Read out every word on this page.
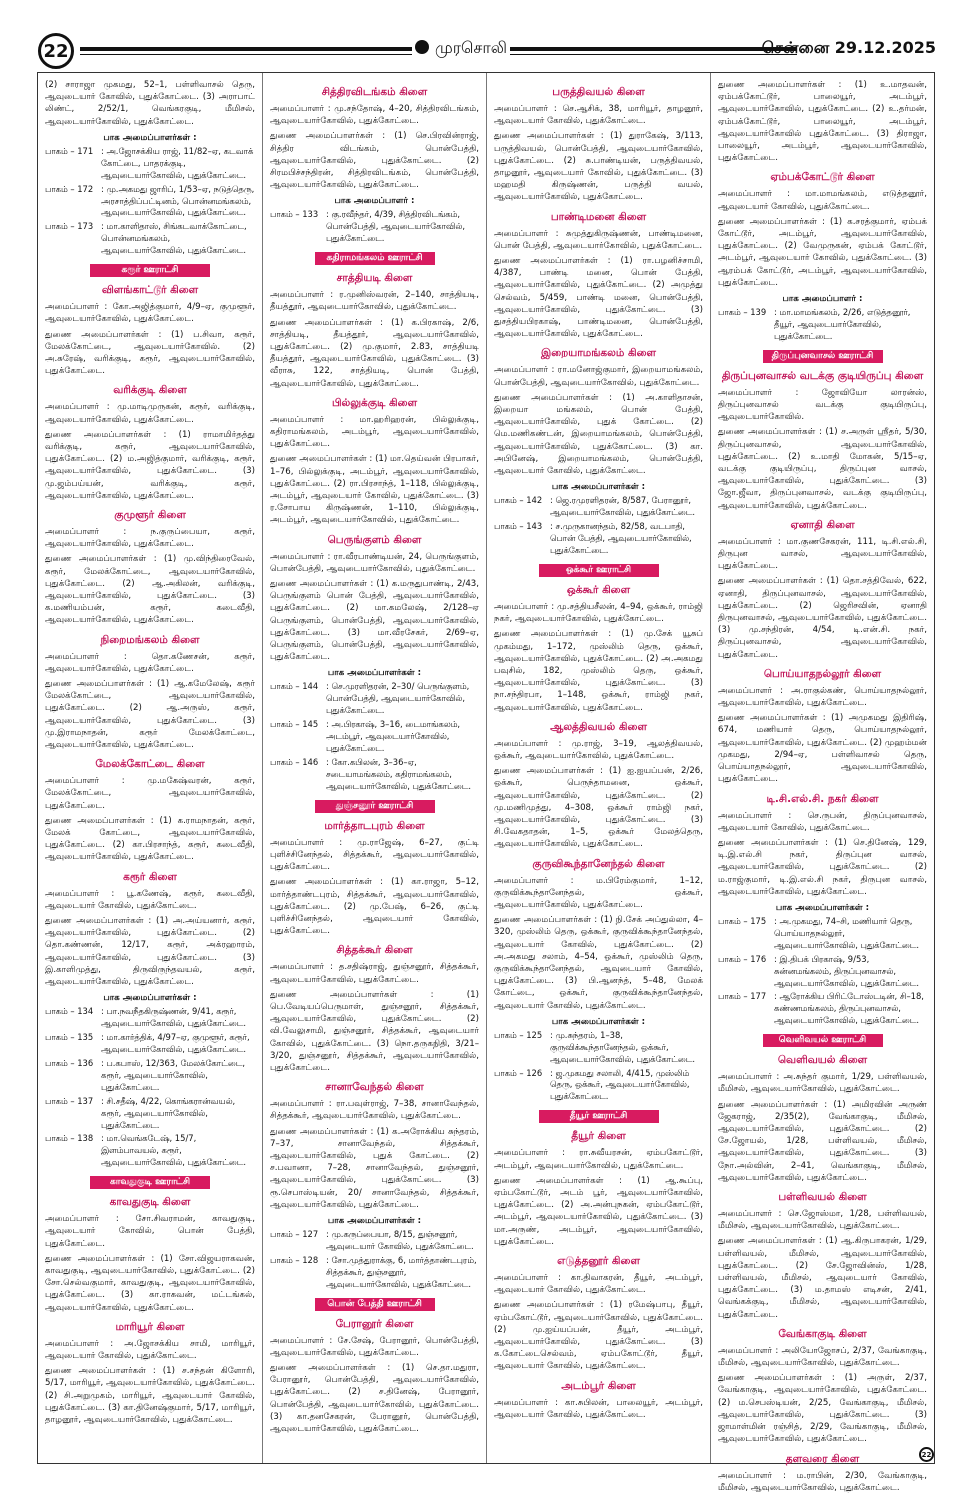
22	முரசொலி	சென்னை 29.12.2025
(2) சாராஜா முகமது, 52–1, பள்ளிவாசல் தெரு, ஆவுடையார் கோவில், புதுக்கோட்டை. (3) அராபாட் லிண்ட், 2/52/1, வெங்கரகுடி, மீமிசல், ஆவுடையார்கோவில், புதுக்கோட்டை.
பாக அமைப்பாளர்கள் :
பாகம் – 171 : அ.ஜோசக்கிய ராஜ், 11/82–ஏ, கடவாக் கோட்டை, பாதரக்குடி, ஆவுடையார்கோவில், புதுக்கோட்டை.
பாகம் – 172 : மு.அகமது ஜாரிப், 1/53–ஏ, நடுத்தெரு, அரசாத்திப்பட்டினம், பொன்னமங்கலம், ஆவுடையார்கோவில், புதுக்கோட்டை.
பாகம் – 173 : மா.காளிதாஸ், சிங்கடவாக்கோட்டை, பொன்னமங்கலம், ஆவுடையார்கோவில், புதுக்கோட்டை.
கரூர் ஊராட்சி
விளங்காட்டூர் கிளை
அமைப்பாளர் : கோ.அஜித்குமார், 4/9–ஏ, குமுளூர், ஆவுடையார்கோவில், புதுக்கோட்டை.
துணை அமைப்பாளர்கள் : (1) ப.சிவா, கரூர், மேலக்கோட்டை, ஆவுடையார்கோவில். (2) அ.சுரேஷ், வரிக்குடி, கரூர், ஆவுடையார்கோவில், புதுக்கோட்டை.
வரிக்குடி கிளை
அமைப்பாளர் : மு.மாடிமுருகன், கரூர், வரிக்குடி, ஆவுடையார்கோவில், புதுக்கோட்டை.
துணை அமைப்பாளர்கள் : (1) ராமாமிர்தத்து வரிக்குடி, கரூர், ஆவுடையார்கோவில், புதுக்கோட்டை. (2) ம.அஜித்குமார், வரிக்குடி, கரூர், ஆவுடையார்கோவில், புதுக்கோட்டை. (3) மு.ஜம்பய்யன், வரிக்குடி, கரூர், ஆவுடையார்கோவில், புதுக்கோட்டை.
குமுளூர் கிளை
அமைப்பாளர் : ந.குருப்பையா, கரூர், ஆவுடையார்கோவில், புதுக்கோட்டை.
துணை அமைப்பாளர்கள் : (1) மு.விந்திரைவேல், கரூர், மேலக்கோட்டை, ஆவுடையார்கோவில், புதுக்கோட்டை. (2) ஆ.அகிலன், வரிக்குடி, ஆவுடையார்கோவில், புதுக்கோட்டை. (3) க.மணியம்பன், கரூர், கடைவீதி, ஆவுடையார்கோவில், புதுக்கோட்டை.
நிறைமங்கலம் கிளை
அமைப்பாளர் : தொ.கணேசன், கரூர், ஆவுடையார்கோவில், புதுக்கோட்டை.
துணை அமைப்பாளர்கள் : (1) ஆ.கமேலேஷ், கரூர் மேலக்கோட்டை, ஆவுடையார்கோவில், புதுக்கோட்டை. (2) ஆ.அருஸ், கரூர், ஆவுடையார்கோவில், புதுக்கோட்டை. (3) மு.இராமநாதன், கரூர் மேலக்கோட்டை, ஆவுடையார்கோவில், புதுக்கோட்டை.
மேலக்கோட்டை கிளை
அமைப்பாளர் : மு.மகேஷ்வரன், கரூர், மேலக்கோட்டை, ஆவுடையார்கோவில், புதுக்கோட்டை.
துணை அமைப்பாளர்கள் : (1) க.ராமநாதன், கரூர், மேலக் கோட்டை, ஆவுடையார்கோவில், புதுக்கோட்டை. (2) கா.பிரசாந்த், கரூர், கடைவீதி, ஆவுடையார்கோவில், புதுக்கோட்டை.
கரூர் கிளை
அமைப்பாளர் : பூ.கணேஷ், கரூர், கடைவீதி, ஆவுடையார் கோவில், புதுக்கோட்டை.
துணை அமைப்பாளர்கள் : (1) அ.அய்யனார், கரூர், ஆவுடையார்கோவில், புதுக்கோட்டை. (2) தொ.கண்ணன், 12/17, கரூர், அக்ரஹாரம், ஆவுடையார்கோவில், புதுக்கோட்டை. (3) இ.காளிமுத்து, திருவிருந்தவயல், கரூர், ஆவுடையார்கோவில், புதுக்கோட்டை.
பாக அமைப்பாளர்கள் :
பாகம் – 134 : பா.நவநீதகிருஷ்ணன், 9/41, கரூர், ஆவுடையார்கோவில், புதுக்கோட்டை.
பாகம் – 135 : மா.கார்த்திக், 4/97–ஏ, குமுளூர், கரூர், ஆவுடையார்கோவில், புதுக்கோட்டை.
பாகம் – 136 : ப.கபாஸ், 12/363, மேலக்கோட்டை, கரூர், ஆவுடையார்கோவில், புதுக்கோட்டை.
பாகம் – 137 : சி.சதீஷ், 4/22, கொங்கரான்வயல், கரூர், ஆவுடையார்கோவில், புதுக்கோட்டை.
பாகம் – 138 : மா.வெங்கடேஷ், 15/7, இளம்பாவயல், கரூர், ஆவுடையார்கோவில், புதுக்கோட்டை.
காவதுகுடி ஊராட்சி
காவதுகுடி கிளை
அமைப்பாளர் : சோ.சிவராமன், காவதுகுடி, ஆவுடையார் கோவில், பொன் பேத்தி, புதுக்கோட்டை.
துணை அமைப்பாளர்கள் : (1) சோ.விஜயராகவன், காவதுகுடி, ஆவுடையார்கோவில், புதுக்கோட்டை. (2) சோ.செல்வகுமார், காவதுகுடி, ஆவுடையார்கோவில், புதுக்கோட்டை. (3) கா.ராகவன், மட்டங்கல், ஆவுடையார்கோவில், புதுக்கோட்டை.
மாரியூர் கிளை
அமைப்பாளர் : அ.ஜோசக்கிய சாமி, மாரியூர், ஆவுடையார் கோவில், புதுக்கோட்டை.
துணை அமைப்பாளர்கள் : (1) ச.சந்தன் கிளோரி, 5/17, மாரியூர், ஆவுடையார்கோவில், புதுக்கோட்டை. (2) சி.அறுமுகம், மாரியூர், ஆவுடையார் கோவில், புதுக்கோட்டை. (3) கா.தினேஷ்குமார், 5/17, மாரியூர், தாழனூர், ஆவுடையார்கோவில், புதுக்கோட்டை.
சித்திரவிடங்கம் கிளை
அமைப்பாளர் : மு.சந்தோஷ், 4–20, சித்திரவிடங்கம், ஆவுடையார்கோவில், புதுக்கோட்டை.
துணை அமைப்பாளர்கள் : (1) செ.பிரவின்ராஜ், சித்திர விடங்கம், பொன்பேத்தி, ஆவுடையார்கோவில், புதுக்கோட்டை. (2) சிரமபிச்சந்திரன், சித்திரவிடங்கம், பொன்பேத்தி, ஆவுடையார்கோவில், புதுக்கோட்டை.
பாக அமைப்பாளர் :
பாகம் – 133 : கு.ரவீந்தர், 4/39, சித்திரவிடங்கம், பொன்பேத்தி, ஆவுடையார்கோவில், புதுக்கோட்டை.
கதிராமங்கலம் ஊராட்சி
சாத்தியடி கிளை
அமைப்பாளர் : ர.முனிஸ்வரன், 2–140, சாத்தியடி, தீயத்தூர், ஆவுடையார்கோவில், புதுக்கோட்டை.
துணை அமைப்பாளர்கள் : (1) க.பிரகாஷ், 2/6, சாத்தியடி, தீயத்தூர், ஆவுடையார்கோவில், புதுக்கோட்டை. (2) மு.குமார், 2.83, சாத்தியடி தீயத்தூர், ஆவுடையார்கோவில், புதுக்கோட்டை. (3) வீராசு, 122, சாத்தியடி, பொன் பேத்தி, ஆவுடையார்கோவில், புதுக்கோட்டை.
பில்லுக்குடி கிளை
அமைப்பாளர் : மா.ஹரிஹரன், பில்லுக்குடி, கதிராமங்கலம், அடம்பூர், ஆவுடையார்கோவில், புதுக்கோட்டை.
துணை அமைப்பாளர்கள் : (1) மா.தெய்வன் பிரபாகர், 1–76, பில்லுக்குடி, அடம்பூர், ஆவுடையார்கோவில், புதுக்கோட்டை. (2) ரா.பிரசாந்த், 1–118, பில்லுக்குடி, அடம்பூர், ஆவுடையார் கோவில், புதுக்கோட்டை. (3) ர.சோபாய கிருஷ்ணன், 1–110, பில்லுக்குடி, அடம்பூர், ஆவுடையார்கோவில், புதுக்கோட்டை.
பெருங்குளம் கிளை
அமைப்பாளர் : ரா.வீரபாண்டியன், 24, பெருங்குளம், பொன்பேத்தி, ஆவுடையார்கோவில், புதுக்கோட்டை.
துணை அமைப்பாளர்கள் : (1) க.மருதுபாண்டி, 2/43, பெருங்குளம் பொன் பேத்தி, ஆவுடையார்கோவில், புதுக்கோட்டை. (2) மா.கமலேஷ், 2/128–ஏ பெருங்குளம், பொன்பேத்தி, ஆவுடையார்கோவில், புதுக்கோட்டை. (3) மா.வீரசேகர், 2/69–ஏ, பெருங்குளம், பொன்பேத்தி, ஆவுடையார்கோவில், புதுக்கோட்டை.
பாக அமைப்பாளர்கள் :
பாகம் – 144 : செ.முரளிதரன், 2–30/ பெருங்குளம், பொன்பேத்தி, ஆவுடையார்கோவில், புதுக்கோட்டை.
பாகம் – 145 : அ.பிரகாஷ், 3–16, டைமாங்கலம், அடம்பூர், ஆவுடையார்கோவில், புதுக்கோட்டை.
பாகம் – 146 : கோ.கபிலன், 3–36–ஏ, சடையாமங்கலம், கதிராமங்கலம், ஆவுடையார்கோவில், புதுக்கோட்டை.
துஞ்சனூர் ஊராட்சி
மார்த்தாடபுரம் கிளை
அமைப்பாளர் : மு.ராஜேஷ், 6–27, குட்டி புளிச்சினேந்தல், சித்தக்கூர், ஆவுடையார்கோவில், புதுக்கோட்டை.
துணை அமைப்பாளர்கள் : (1) கா.ராஜா, 5–12, மார்த்தாண்டபுரம், சித்தக்கூர், ஆவுடையார்கோவில், புதுக்கோட்டை. (2) மு.பேஷ், 6–26, குட்டி புளிச்சினேந்தல், ஆவுடையார் கோவில், புதுக்கோட்டை.
சித்தக்கூர் கிளை
அமைப்பாளர் : த.சதிஷ்ராஜ், துஞ்சனூர், சித்தக்கூர், ஆவுடையார்கோவில், புதுக்கோட்டை.
துணை அமைப்பாளர்கள் : (1) பெ.வேடியப்பெருமாள், துஞ்சனூர், சித்தக்கூர், ஆவுடையார்கோவில், புதுக்கோட்டை. (2) வி.வேலுசாமி, துஞ்சனூர், சித்தக்கூர், ஆவுடையார் கோவில், புதுக்கோட்டை. (3) நொ.தருகநிதி, 3/21–3/20, துஞ்சனூர், சித்தக்கூர், ஆவுடையார்கோவில், புதுக்கோட்டை.
சானாவேந்தல் கிளை
அமைப்பாளர் : ரா.பவுள்ராஜ், 7–38, சானாவேந்தல், சித்தக்கூர், ஆவுடையார்கோவில், புதுக்கோட்டை.
துணை அமைப்பாளர்கள் : (1) க.அரோக்கிய சுந்தரம், 7–37, சானாவேந்தல், சித்தக்கூர், ஆவுடையார்கோவில், புதுக் கோட்டை. (2) ச.பவானா, 7–28, சானாவேந்தல், துஞ்சனூர், ஆவுடையார்கோவில், புதுக்கோட்டை. (3) ரூ.செபாஸ்டியன், 20/ சானாவேந்தல், சித்தக்கூர், ஆவுடையார்கோவில், புதுக்கோட்டை.
பாக அமைப்பாளர்கள் :
பாகம் – 127 : மு.கருப்பையா, 8/15, துஞ்சனூர், ஆவுடையார் கோவில், புதுக்கோட்டை.
பாகம் – 128 : சோ.முத்துராக்கு, 6, மார்த்தாண்டபுரம், சித்தக்கூர், துஞ்சனூர், ஆவுடையார்கோவில், புதுக்கோட்டை.
பொன் பேத்தி ஊராட்சி
பேரானூர் கிளை
அமைப்பாளர் : சே.சேஷ், பேரானூர், பொன்பேத்தி, ஆவுடையார்கோவில், புதுக்கோட்டை.
துணை அமைப்பாளர்கள் : (1) செ.தா.மதுரா, பேரானூர், பொன்பேத்தி, ஆவுடையார்கோவில், புதுக்கோட்டை. (2) ச.தினேஷ், பேரானூர், பொன்பேத்தி, ஆவுடையார்கோவில், புதுக்கோட்டை. (3) கா.தனசேகரன், பேரானூர், பொன்பேத்தி, ஆவுடையார்கோவில், புதுக்கோட்டை.
பருத்திவயல் கிளை
அமைப்பாளர் : செ.ஆசிக், 38, மாரியூர், தாழனூர், ஆவுடையார் கோவில், புதுக்கோட்டை.
துணை அமைப்பாளர்கள் : (1) துராகேஷ், 3/113, பருத்திவயல், பொன்பேத்தி, ஆவுடையார்கோவில், புதுக்கோட்டை. (2) சு.பாண்டியன், பருத்திவயல், தாழனூர், ஆவுடையார் கோவில், புதுக்கோட்டை. (3) மஹமதி கிருஷ்ணன், பருத்தி வயல், ஆவுடையார்கோவில், புதுக்கோட்டை.
பாண்டிமனை கிளை
அமைப்பாளர் : சுமுத்துகிருஷ்ணன், பாண்டிமனை, பொன் பேத்தி, ஆவுடையார்கோவில், புதுக்கோட்டை.
துணை அமைப்பாளர்கள் : (1) ரா.பழனிச்சாமி, 4/387, பாண்டி மனை, பொன் பேத்தி, ஆவுடையார்கோவில், புதுக்கோட்டை. (2) அமுத்து செல்வம், 5/459, பாண்டி மனை, பொன்பேத்தி, ஆவுடையார்கோவில், புதுக்கோட்டை. (3) துசத்தியபிரகாஷ், பாண்டிமனை, பொன்பேத்தி, ஆவுடையார்கோவில், புதுக்கோட்டை.
இறையாமங்கலம் கிளை
அமைப்பாளர் : ரா.மனோஜ்குமார், இறையாமங்கலம், பொன்பேத்தி, ஆவுடையார்கோவில், புதுக்கோட்டை.
துணை அமைப்பாளர்கள் : (1) அ.காளிதாசன், இறையா மங்கலம், பொன் பேத்தி, ஆவுடையார்கோவில், புதுக் கோட்டை. (2) மெ.மணிகண்டன், இறையாமங்கலம், பொன்பேத்தி, ஆவுடையார்கோவில், புதுக்கோட்டை. (3) கா. அபினேஷ், இறையாமங்கலம், பொன்பேத்தி, ஆவுடையார் கோவில், புதுக்கோட்டை.
பாக அமைப்பாளர்கள் :
பாகம் – 142 : ஜெ.ரமுரளிதரன், 8/587, பேரானூர், ஆவுடையார்கோவில், புதுக்கோட்டை.
பாகம் – 143 : ச.முருகானந்தம், 82/58, வடபாதி, பொன் பேத்தி, ஆவுடையார்கோவில், புதுக்கோட்டை.
ஒக்கூர் ஊராட்சி
ஒக்கூர் கிளை
அமைப்பாளர் : மு.சத்தியசீலன், 4–94, ஒக்கூர், ராம்ஜி நகர், ஆவுடையார்கோவில், புதுக்கோட்டை.
துணை அமைப்பாளர்கள் : (1) மு.சேக் யூசுப் முகம்மது, 1–172, முஸ்லிம் தெரு, ஒக்கூர், ஆவுடையார்கோவில், புதுக்கோட்டை. (2) அ.அகமது பவுசில், 182, முஸ்லிம் தெரு, ஒக்கூர், ஆவுடையார்கோவில், புதுக்கோட்டை. (3) நா.சந்திரபா, 1–148, ஒக்கூர், ராம்ஜி நகர், ஆவுடையார்கோவில், புதுக்கோட்டை.
ஆலத்திவயல் கிளை
அமைப்பாளர் : மு.ராஜ், 3–19, ஆலத்திவயல், ஒக்கூர், ஆவுடையார்கோவில், புதுக்கோட்டை.
துணை அமைப்பாளர்கள் : (1) ஐ.ஐயப்பன், 2/26, ஒக்கூர், பெருந்தாமனை, ஒக்கூர், ஆவுடையார்கோவில், புதுக்கோட்டை. (2) மு.மணிமுத்து, 4–308, ஒக்கூர் ராம்ஜி நகர், ஆவுடையார்கோவில், புதுக்கோட்டை. (3) சி.வேகதாதன், 1–5, ஒக்கூர் மேலத்தெரு, ஆவுடையார்கோவில், புதுக்கோட்டை.
குருவிகூந்தானேந்தல் கிளை
அமைப்பாளர் : ம.பிரேம்குமார், 1–12, குருவிக்கூந்தானேந்தல், ஒக்கூர், ஆவுடையார்கோவில், புதுக்கோட்டை.
துணை அமைப்பாளர்கள் : (1) நி.சேக் அப்துல்லா, 4–320, முஸ்லிம் தெரு, ஒக்கூர், குருவிக்கூந்தானேந்தல், ஆவுடையார் கோவில், புதுக்கோட்டை. (2) அ.அகமது சலாம், 4–54, ஒக்கூர், முஸ்லிம் தெரு, குருவிக்கூந்தானேந்தல், ஆவுடையார் கோவில், புதுக்கோட்டை. (3) பி.ஆனந்த், 5–48, மேலக் கோட்டை, ஒக்கூர், குருவிக்கூந்தானேந்தல், ஆவுடையார் கோவில், புதுக்கோட்டை.
பாக அமைப்பாளர்கள் :
பாகம் – 125 : மு.சுந்தரம், 1–38, குருவிக்கூந்தானேந்தல், ஒக்கூர், ஆவுடையார்கோவில், புதுக்கோட்டை.
பாகம் – 126 : ஜ.முகமது சலாலி, 4/415, முஸ்லிம் தெரு, ஒக்கூர், ஆவுடையார்கோவில், புதுக்கோட்டை.
தீயூர் ஊராட்சி
தீயூர் கிளை
அமைப்பாளர் : ரா.சுவீயரசன், ஏம்பகோட்டூர், அடம்பூர், ஆவுடையார்கோவில், புதுக்கோட்டை.
துணை அமைப்பாளர்கள் : (1) ஆ.கூப்பு, ஏம்பகோட்டூர், அடம் பூர், ஆவுடையார்கோவில், புதுக்கோட்டை. (2) அ.அன்புநகன், ஏம்பகோட்டூர், அடம்பூர், ஆவுடையார்கோவில், புதுக்கோட்டை. (3) மா.அருண், அடம்பூர், ஆவுடையார்கோவில், புதுக்கோட்டை.
எடுத்தனூர் கிளை
அமைப்பாளர் : கா.திவாகரன், தீயூர், அடம்பூர், ஆவுடையார் கோவில், புதுக்கோட்டை.
துணை அமைப்பாளர்கள் : (1) ரமேஷ்பாபு, தீயூர், ஏம்பகோட்டூர், ஆவுடையார்கோவில், புதுக்கோட்டை. (2) மு.ஐய்யப்பன், தீயூர், அடம்பூர், ஆவுடையார்கோவில், புதுக்கோட்டை. (3) க.கோட்டைசெல்வம், ஏம்பகோட்டூர், தீயூர், ஆவுடையார் கோவில், புதுக்கோட்டை.
அடம்பூர் கிளை
அமைப்பாளர் : கா.சுபிலன், பாலையூர், அடம்பூர், ஆவுடையார் கோவில், புதுக்கோட்டை.
துணை அமைப்பாளர்கள் : (1) உ.மாதவன், ஏம்பக்கோட்டூர், பாலையூர், அடம்பூர், ஆவுடையார்கோவில், புதுக்கோட்டை. (2) உ.தர்மன், ஏம்பக்கோட்டூர், பாலையூர், அடம்பூர், ஆவுடையார்கோவில் புதுக்கோட்டை. (3) திராஜா, பாலையூர், அடம்பூர், ஆவுடையார்கோவில், புதுக்கோட்டை.
ஏம்பக்கோட்டூர் கிளை
அமைப்பாளர் : மா.மாமங்கலம், எடுத்தனூர், ஆவுடையார் கோவில், புதுக்கோட்டை.
துணை அமைப்பாளர்கள் : (1) க.சரத்குமார், ஏம்பக் கோட்டூர், அடம்பூர், ஆவுடையார்கோவில், புதுக்கோட்டை. (2) வேமுருகன், ஏம்பக் கோட்டூர், அடம்பூர், ஆவுடையார் கோவில், புதுக்கோட்டை. (3) ஆரம்பக் கோட்டூர், அடம்பூர், ஆவுடையார்கோவில், புதுக்கோட்டை.
பாக அமைப்பாளர் :
பாகம் – 139 : மா.மாமங்கலம், 2/26, எடுத்தனூர், தீயூர், ஆவுடையார்கோவில், புதுக்கோட்டை.
திருப்புனவாசல் ஊராட்சி
திருப்புனவாசல் வடக்கு குடியிருப்பு கிளை
அமைப்பாளர் : ஜோவியோ லாரன்ஸ், திருப்புனவாசல் வடக்கு குடியிருப்பு, ஆவுடையார்கோவில்.
துணை அமைப்பாளர்கள் : (1) ச.அருள் ஸ்ரீதர், 5/30, திருப்புனவாசல், ஆவுடையார்கோவில், புதுக்கோட்டை. (2) உ.மாதி மோகன், 5/15–ஏ, வடக்கு குடியிருப்பு, திருப்புன வாசல், ஆவுடையார்கோவில், புதுக்கோட்டை. (3) ஜோ.ஜீவா, திருப்புனவாசல், வடக்கு குடியிருப்பு, ஆவுடையார்கோவில், புதுக்கோட்டை.
ஏனாதி கிளை
அமைப்பாளர் : மா.குணசேகரன், 111, டி.சி.எல்.சி, திருபுன வாசல், ஆவுடையார்கோவில், புதுக்கோட்டை.
துணை அமைப்பாளர்கள் : (1) தொ.சத்திவேல், 622, ஏனாதி, திருப்புனவாசல், ஆவுடையார்கோவில், புதுக்கோட்டை. (2) ஜெரிசவின், ஏனாதி திருபுனவாசல், ஆவுடையார்கோவில், புதுக்கோட்டை. (3) மு.சந்திரன், 4/54, டி.என்.சி. நகர், திருப்புனவாசல், ஆவுடையார்கோவில், புதுக்கோட்டை.
பொய்யாதநல்லூர் கிளை
அமைப்பாளர் : அ.ராகுல்கண், பொய்யாதநல்லூர், ஆவுடையார்கோவில், புதுக்கோட்டை.
துணை அமைப்பாளர்கள் : (1) அமுகமது இதிரிஷ், 674, மணியார் தெரு, பொய்யாதநல்லூர், ஆவுடையார்கோவில், புதுக்கோட்டை. (2) முஹம்மன் முகமது, 2/94–ஏ, பள்ளிவாசல் தெரு, பொய்யாதநல்லூர், ஆவுடையார்கோவில், புதுக்கோட்டை.
டி.சி.எல்.சி. நகர் கிளை
அமைப்பாளர் : செ.ருபன், திருப்புனவாசல், ஆவுடையார் கோவில், புதுக்கோட்டை.
துணை அமைப்பாளர்கள் : (1) செ.தினேஷ், 129, டி.இ.எல்.சி நகர், திருப்புன வாசல், ஆவுடையார்கோவில், புதுக்கோட்டை. (2) ம.ராஜ்குமார், டி.இ.எல்.சி நகர், திருபுன வாசல், ஆவுடையார்கோவில், புதுக்கோட்டை.
பாக அமைப்பாளர்கள் :
பாகம் – 175 : அ.முகமது, 74–சி, மணியார் தெரு, பொய்யாதநல்லூர், ஆவுடையார்கோவில், புதுக்கோட்டை.
பாகம் – 176 : இ.திபக் பிரகாஷ், 9/53, சுன்னமங்கலம், திருப்புனவாசல், ஆவுடையார்கோவில், புதுக்கோட்டை.
பாகம் – 177 : ஆரோக்கிய பிரிட்டோஸ்டடின், சி–18, கண்ணமங்கலம், திருப்புனவாசல், ஆவுடையார்கோவில், புதுக்கோட்டை.
வெளிவயல் ஊராட்சி
வெளிவயல் கிளை
அமைப்பாளர் : அ.சுந்தர் குமார், 1/29, பள்ளிவயல், மீமிசல், ஆவுடையார்கோவில், புதுக்கோட்டை.
துணை அமைப்பாளர்கள் : (1) அமிரவின் அருண் ஜேகராஜ், 2/35(2), வேங்காகுடி, மீமிசல், ஆவுடையார்கோவில், புதுக்கோட்டை. (2) சே.ஜோயல், 1/28, பள்ளிவயல், மீமிசல், ஆவுடையார்கோவில், புதுக்கோட்டை. (3) நோ.அல்வின், 2–41, வெங்காகுடி, மீமிசல், ஆவுடையார்கோவில், புதுக்கோட்டை.
பள்ளிவயல் கிளை
அமைப்பாளர் : செ.ஜோஸ்மா, 1/28, பள்ளிவயல், மீமிசல், ஆவுடையார்கோவில், புதுக்கோட்டை.
துணை அமைப்பாளர்கள் : (1) ஆ.கிருபாகரன், 1/29, பள்ளிவயல், மீமிசல், ஆவுடையார்கோவில், புதுக்கோட்டை. (2) சே.ஜோவின்ஸ், 1/28, பள்ளிவயல், மீமிசல், ஆவுடையார் கோவில், புதுக்கோட்டை. (3) ம.தாமஸ் எடிசன், 2/41, வெங்கக்குடி, மீமிசல், ஆவுடையார்கோவில், புதுக்கோட்டை.
வேங்காகுடி கிளை
அமைப்பாளர் : அலியோஜோசப், 2/37, வேங்காகுடி, மீமிசல், ஆவுடையார்கோவில், புதுக்கோட்டை.
துணை அமைப்பாளர்கள் : (1) அருள், 2/37, வேங்காகுடி, ஆவுடையார்கோவில், புதுக்கோட்டை. (2) ம.செபஸ்டியன், 2/25, வேங்காகுடி, மீமிசல், ஆவுடையார்கோவில், புதுக்கோட்டை. (3) ஜாமாள்மின் ரஞ்சித், 2/29, வேங்காகுடி, மீமிசல், ஆவுடையார்கோவில், புதுக்கோட்டை.
தளவரை கிளை
அமைப்பாளர் : ம.ராபின், 2/30, வேங்காகுடி, மீமிசல், ஆவுடையார்கோவில், புதுக்கோட்டை.
22
